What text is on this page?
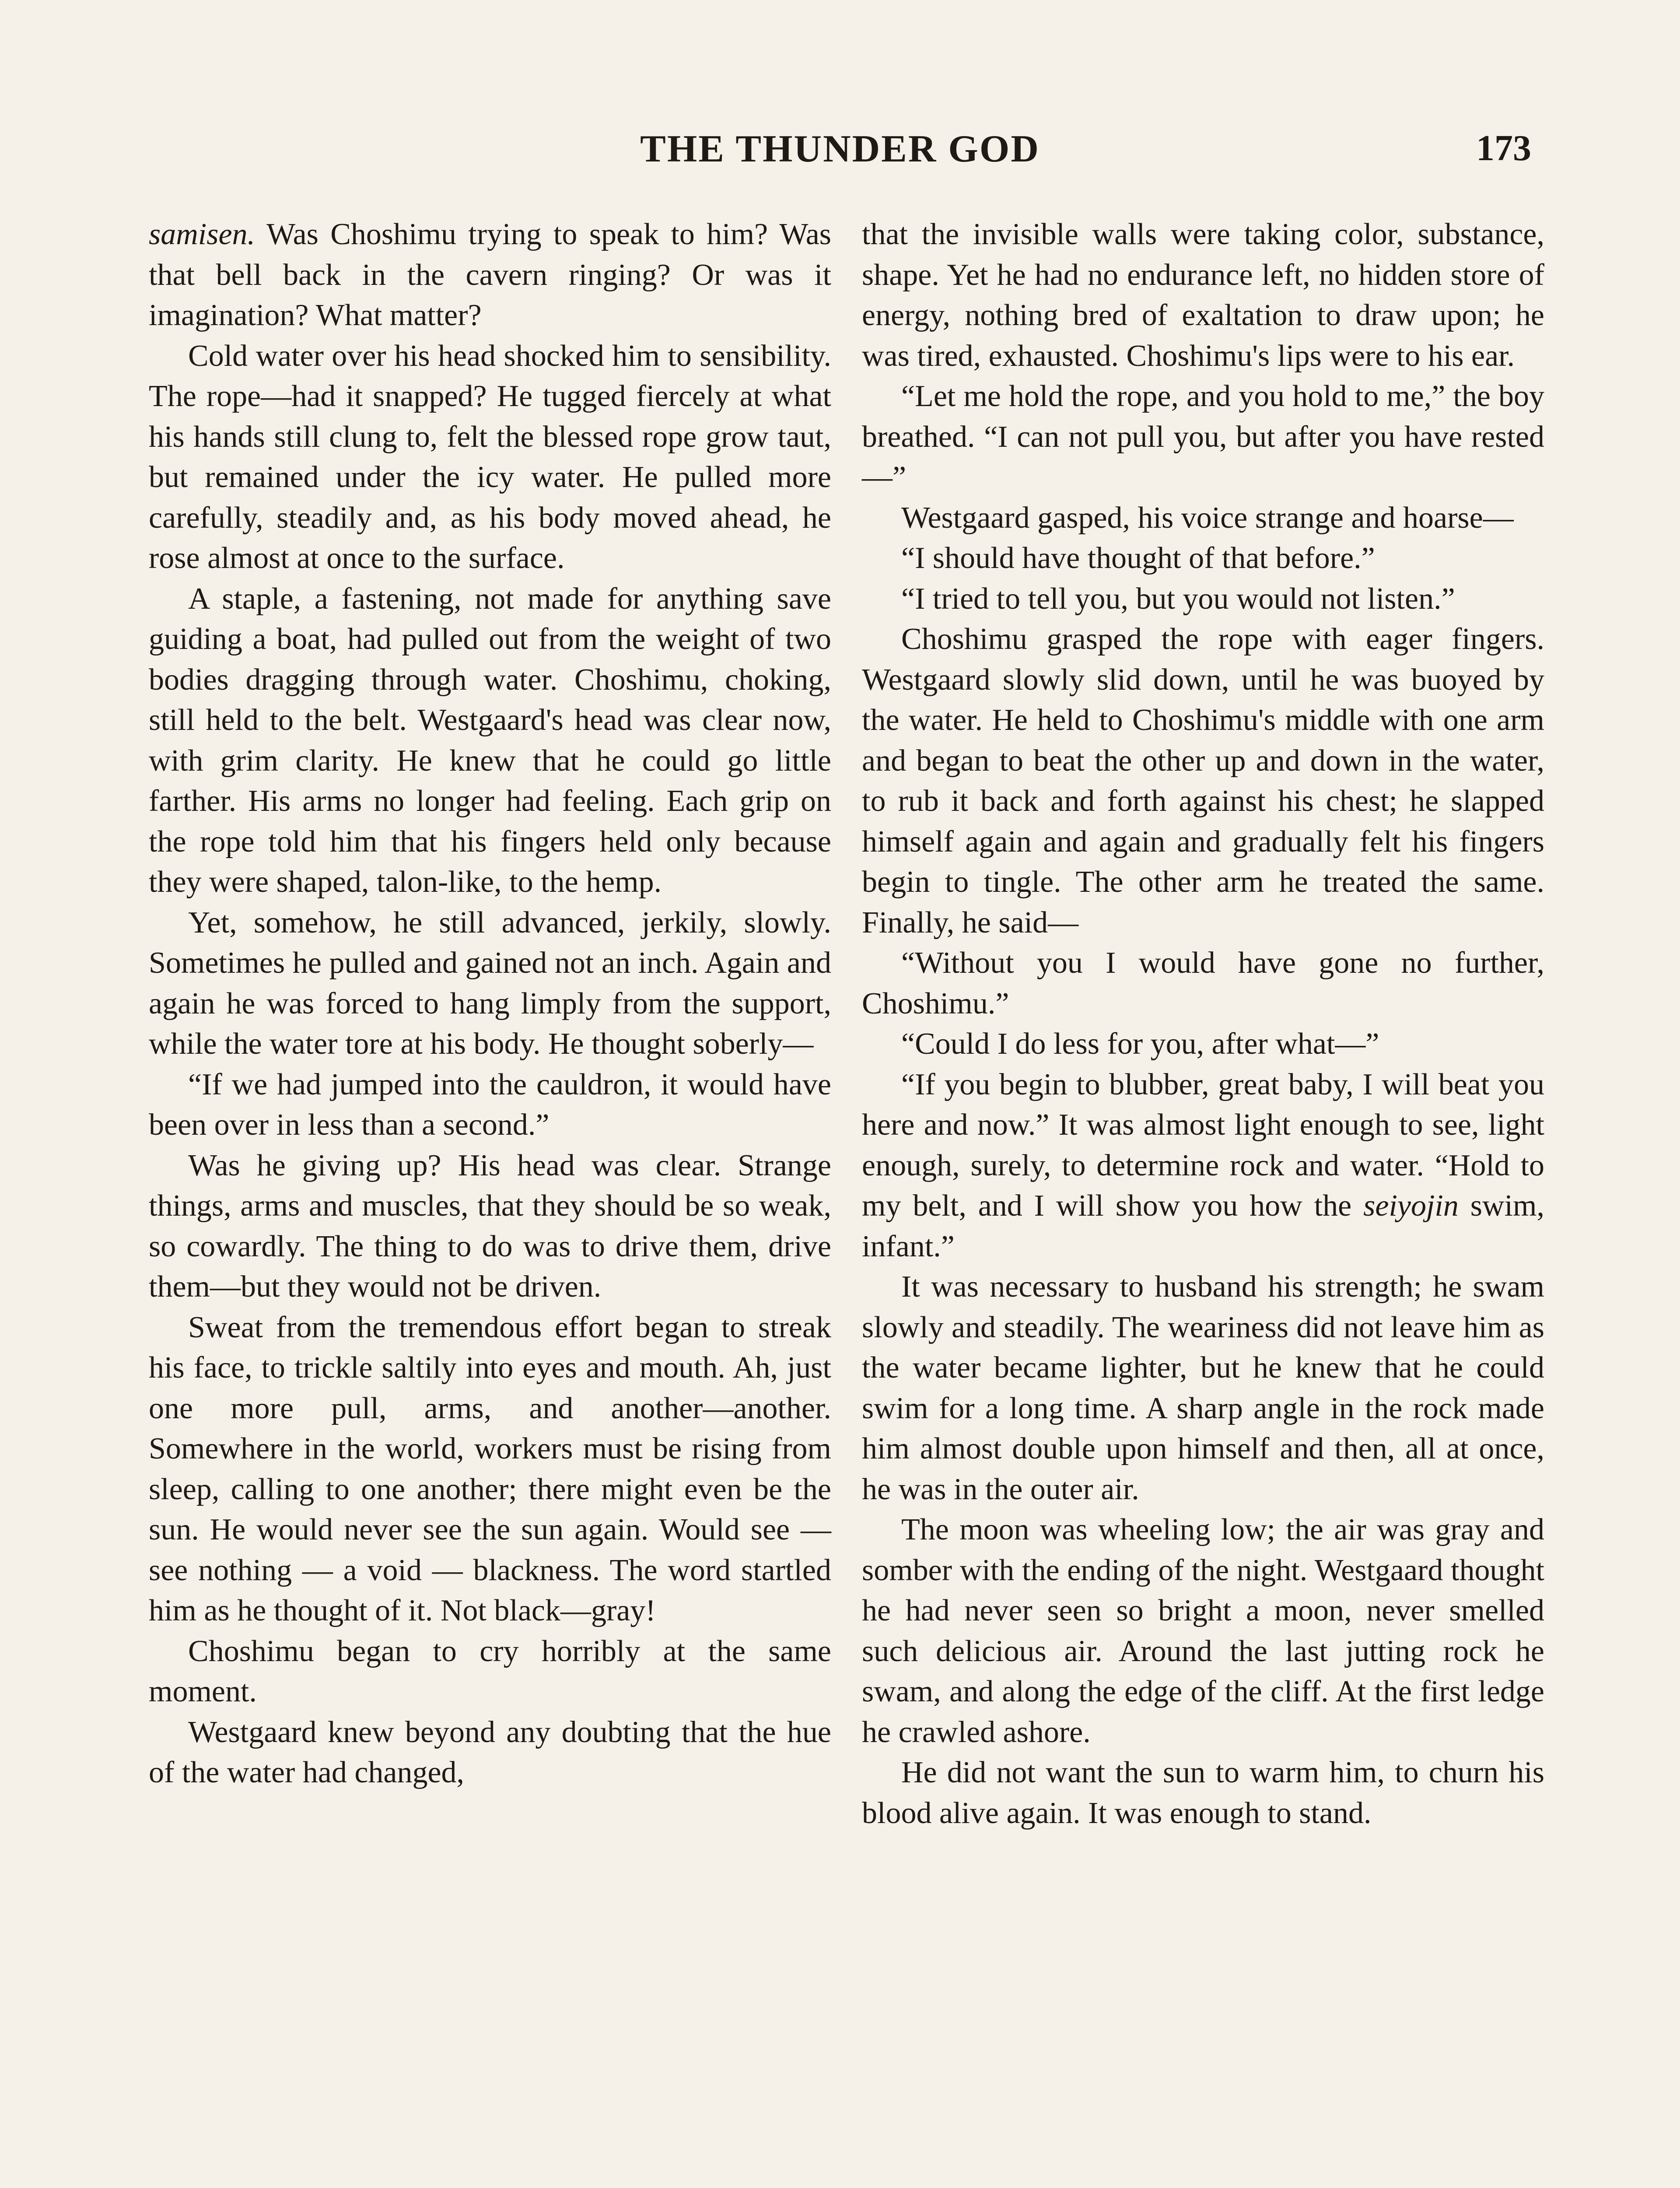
THE THUNDER GOD	173

samisen. Was Choshimu trying to speak to him? Was that bell back in the cavern ringing? Or was it imagination? What matter?

Cold water over his head shocked him to sensibility. The rope—had it snapped? He tugged fiercely at what his hands still clung to, felt the blessed rope grow taut, but remained under the icy water. He pulled more carefully, steadily and, as his body moved ahead, he rose almost at once to the surface.

A staple, a fastening, not made for anything save guiding a boat, had pulled out from the weight of two bodies dragging through water. Choshimu, choking, still held to the belt. Westgaard's head was clear now, with grim clarity. He knew that he could go little farther. His arms no longer had feeling. Each grip on the rope told him that his fingers held only because they were shaped, talon-like, to the hemp.

Yet, somehow, he still advanced, jerkily, slowly. Sometimes he pulled and gained not an inch. Again and again he was forced to hang limply from the support, while the water tore at his body. He thought soberly—

“If we had jumped into the cauldron, it would have been over in less than a second.”

Was he giving up? His head was clear. Strange things, arms and muscles, that they should be so weak, so cowardly. The thing to do was to drive them, drive them—but they would not be driven.

Sweat from the tremendous effort began to streak his face, to trickle saltily into eyes and mouth. Ah, just one more pull, arms, and another—another. Somewhere in the world, workers must be rising from sleep, calling to one another; there might even be the sun. He would never see the sun again. Would see — see nothing — a void — blackness. The word startled him as he thought of it. Not black—gray!

Choshimu began to cry horribly at the same moment.

Westgaard knew beyond any doubting that the hue of the water had changed,

that the invisible walls were taking color, substance, shape. Yet he had no endurance left, no hidden store of energy, nothing bred of exaltation to draw upon; he was tired, exhausted. Choshimu's lips were to his ear.

“Let me hold the rope, and you hold to me,” the boy breathed. “I can not pull you, but after you have rested—”

Westgaard gasped, his voice strange and hoarse—

“I should have thought of that before.”

“I tried to tell you, but you would not listen.”

Choshimu grasped the rope with eager fingers. Westgaard slowly slid down, until he was buoyed by the water. He held to Choshimu's middle with one arm and began to beat the other up and down in the water, to rub it back and forth against his chest; he slapped himself again and again and gradually felt his fingers begin to tingle. The other arm he treated the same. Finally, he said—

“Without you I would have gone no further, Choshimu.”

“Could I do less for you, after what—”

“If you begin to blubber, great baby, I will beat you here and now.” It was almost light enough to see, light enough, surely, to determine rock and water. “Hold to my belt, and I will show you how the seiyojin swim, infant.”

It was necessary to husband his strength; he swam slowly and steadily. The weariness did not leave him as the water became lighter, but he knew that he could swim for a long time. A sharp angle in the rock made him almost double upon himself and then, all at once, he was in the outer air.

The moon was wheeling low; the air was gray and somber with the ending of the night. Westgaard thought he had never seen so bright a moon, never smelled such delicious air. Around the last jutting rock he swam, and along the edge of the cliff. At the first ledge he crawled ashore.

He did not want the sun to warm him, to churn his blood alive again. It was enough to stand.
